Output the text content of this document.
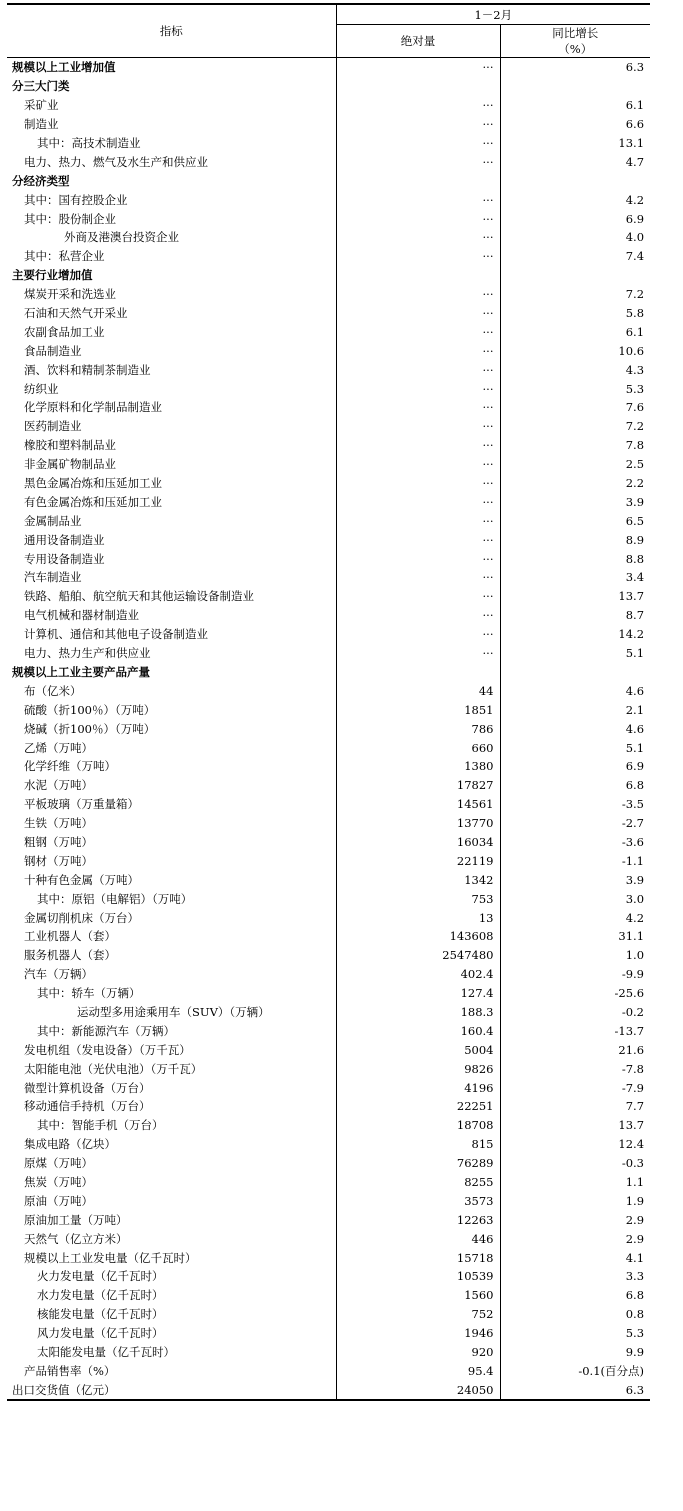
指标	1－2月	
	绝对量	同比增长
（%）

规模以上工业增加值	···	6.3
分三大门类		
采矿业	···	6.1
制造业	···	6.6
其中：高技术制造业	···	13.1
电力、热力、燃气及水生产和供应业	···	4.7
分经济类型		
其中：国有控股企业	···	4.2
其中：股份制企业	···	6.9
外商及港澳台投资企业	···	4.0
其中：私营企业	···	7.4
主要行业增加值		
煤炭开采和洗选业	···	7.2
石油和天然气开采业	···	5.8
农副食品加工业	···	6.1
食品制造业	···	10.6
酒、饮料和精制茶制造业	···	4.3
纺织业	···	5.3
化学原料和化学制品制造业	···	7.6
医药制造业	···	7.2
橡胶和塑料制品业	···	7.8
非金属矿物制品业	···	2.5
黑色金属冶炼和压延加工业	···	2.2
有色金属冶炼和压延加工业	···	3.9
金属制品业	···	6.5
通用设备制造业	···	8.9
专用设备制造业	···	8.8
汽车制造业	···	3.4
铁路、船舶、航空航天和其他运输设备制造业	···	13.7
电气机械和器材制造业	···	8.7
计算机、通信和其他电子设备制造业	···	14.2
电力、热力生产和供应业	···	5.1
规模以上工业主要产品产量		
布（亿米）	44	4.6
硫酸（折100％）（万吨）	1851	2.1
烧碱（折100％）（万吨）	786	4.6
乙烯（万吨）	660	5.1
化学纤维（万吨）	1380	6.9
水泥（万吨）	17827	6.8
平板玻璃（万重量箱）	14561	-3.5
生铁（万吨）	13770	-2.7
粗钢（万吨）	16034	-3.6
钢材（万吨）	22119	-1.1
十种有色金属（万吨）	1342	3.9
其中：原铝（电解铝）（万吨）	753	3.0
金属切削机床（万台）	13	4.2
工业机器人（套）	143608	31.1
服务机器人（套）	2547480	1.0
汽车（万辆）	402.4	-9.9
其中：轿车（万辆）	127.4	-25.6
运动型多用途乘用车（SUV）（万辆）	188.3	-0.2
其中：新能源汽车（万辆）	160.4	-13.7
发电机组（发电设备）（万千瓦）	5004	21.6
太阳能电池（光伏电池）（万千瓦）	9826	-7.8
微型计算机设备（万台）	4196	-7.9
移动通信手持机（万台）	22251	7.7
其中：智能手机（万台）	18708	13.7
集成电路（亿块）	815	12.4
原煤（万吨）	76289	-0.3
焦炭（万吨）	8255	1.1
原油（万吨）	3573	1.9
原油加工量（万吨）	12263	2.9
天然气（亿立方米）	446	2.9
规模以上工业发电量（亿千瓦时）	15718	4.1
火力发电量（亿千瓦时）	10539	3.3
水力发电量（亿千瓦时）	1560	6.8
核能发电量（亿千瓦时）	752	0.8
风力发电量（亿千瓦时）	1946	5.3
太阳能发电量（亿千瓦时）	920	9.9
产品销售率（%）	95.4	-0.1(百分点)
出口交货值（亿元）	24050	6.3
